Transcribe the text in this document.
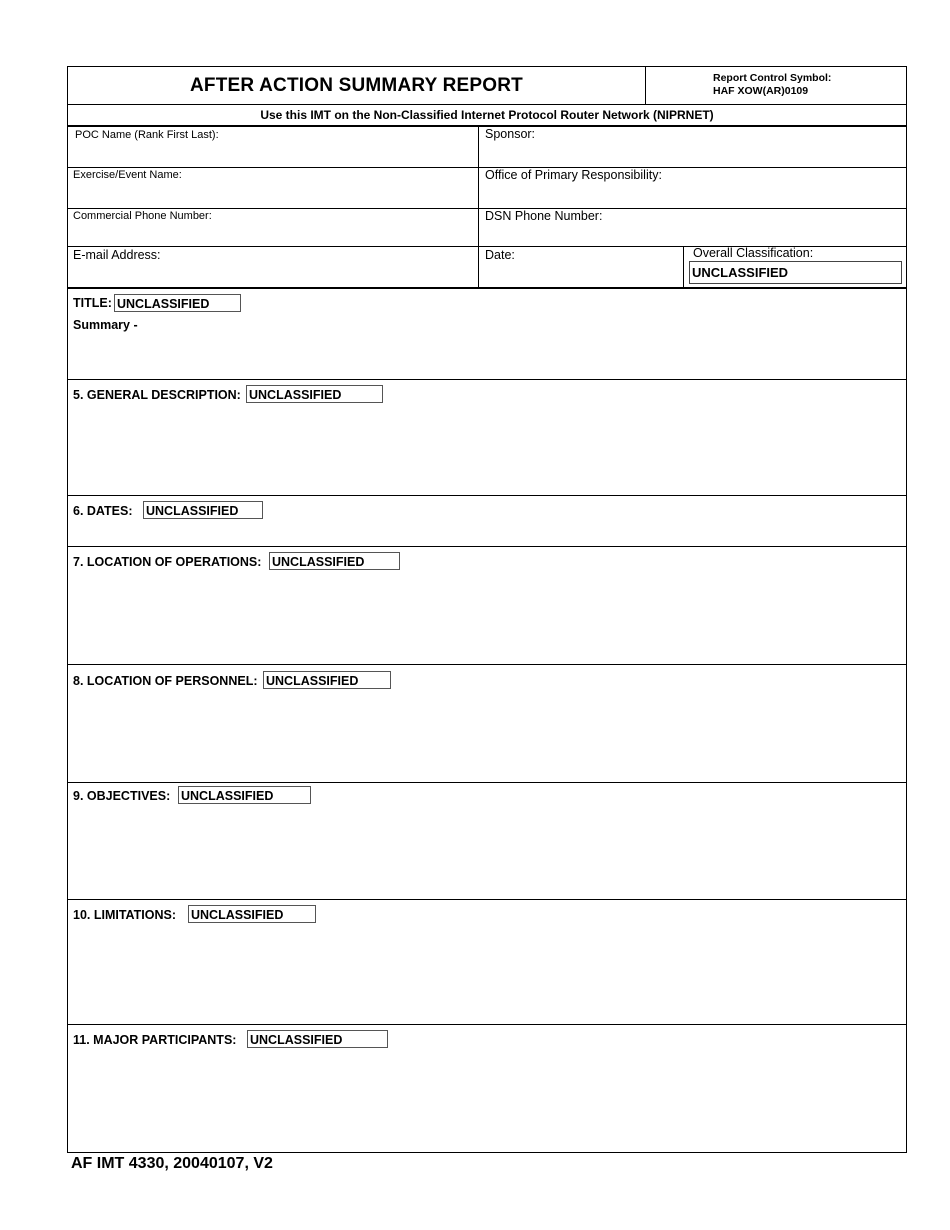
AFTER ACTION SUMMARY REPORT	Report Control Symbol:
HAF XOW(AR)0109
Use this IMT on the Non-Classified Internet Protocol Router Network (NIPRNET)
POC Name (Rank First Last):	Sponsor:
Exercise/Event Name:	Office of Primary Responsibility:
Commercial Phone Number:	DSN Phone Number:
E-mail Address:	Date:	Overall Classification:
UNCLASSIFIED
TITLE: UNCLASSIFIED
Summary -
5. GENERAL DESCRIPTION: UNCLASSIFIED
6. DATES: UNCLASSIFIED
7. LOCATION OF OPERATIONS: UNCLASSIFIED
8. LOCATION OF PERSONNEL: UNCLASSIFIED
9. OBJECTIVES: UNCLASSIFIED
10. LIMITATIONS: UNCLASSIFIED
11. MAJOR PARTICIPANTS: UNCLASSIFIED
AF IMT 4330, 20040107, V2
